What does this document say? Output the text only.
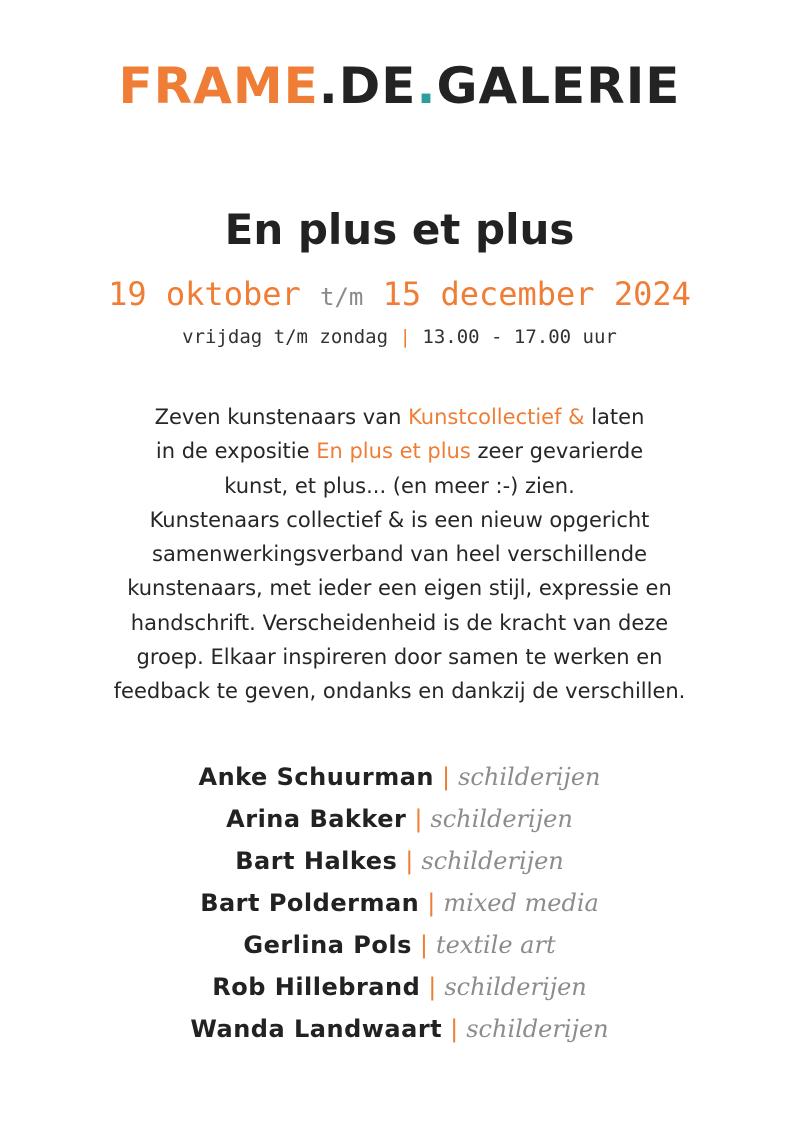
FRAME.DE.GALERIE
En plus et plus
19 oktober t/m 15 december 2024
vrijdag t/m zondag | 13.00 - 17.00 uur
Zeven kunstenaars van Kunstcollectief & laten
in de expositie En plus et plus zeer gevarierde
kunst, et plus... (en meer :-) zien.
Kunstenaars collectief & is een nieuw opgericht
samenwerkingsverband van heel verschillende
kunstenaars, met ieder een eigen stijl, expressie en
handschrift. Verscheidenheid is de kracht van deze
groep. Elkaar inspireren door samen te werken en
feedback te geven, ondanks en dankzij de verschillen.
Anke Schuurman | schilderijen
Arina Bakker | schilderijen
Bart Halkes | schilderijen
Bart Polderman | mixed media
Gerlina Pols | textile art
Rob Hillebrand | schilderijen
Wanda Landwaart | schilderijen
